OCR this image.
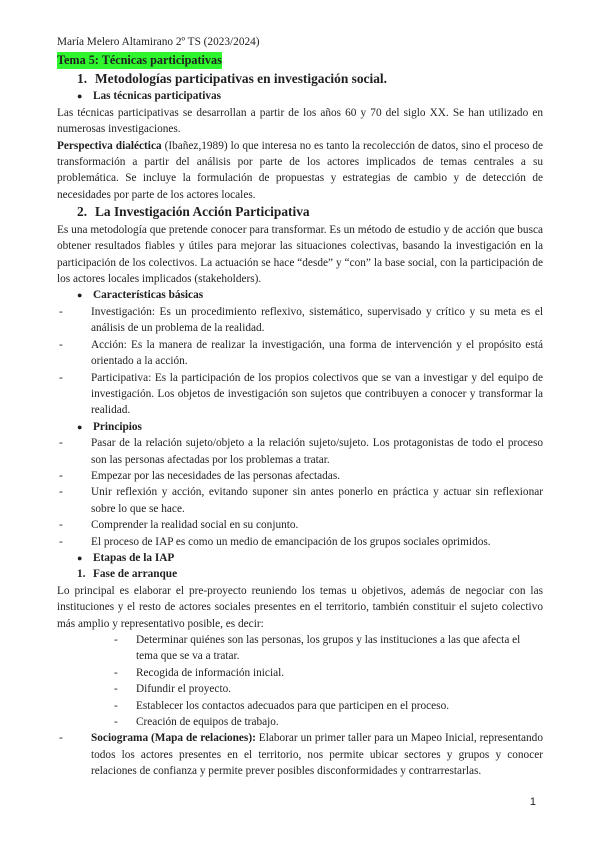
María Melero Altamirano 2º TS (2023/2024)
Tema 5: Técnicas participativas
1. Metodologías participativas en investigación social.
● Las técnicas participativas
Las técnicas participativas se desarrollan a partir de los años 60 y 70 del siglo XX. Se han utilizado en numerosas investigaciones.
Perspectiva dialéctica (Ibañez,1989) lo que interesa no es tanto la recolección de datos, sino el proceso de transformación a partir del análisis por parte de los actores implicados de temas centrales a su problemática. Se incluye la formulación de propuestas y estrategias de cambio y de detección de necesidades por parte de los actores locales.
2. La Investigación Acción Participativa
Es una metodología que pretende conocer para transformar. Es un método de estudio y de acción que busca obtener resultados fiables y útiles para mejorar las situaciones colectivas, basando la investigación en la participación de los colectivos. La actuación se hace “desde” y “con” la base social, con la participación de los actores locales implicados (stakeholders).
● Características básicas
-	Investigación: Es un procedimiento reflexivo, sistemático, supervisado y crítico y su meta es el análisis de un problema de la realidad.
-	Acción: Es la manera de realizar la investigación, una forma de intervención y el propósito está orientado a la acción.
-	Participativa: Es la participación de los propios colectivos que se van a investigar y del equipo de investigación. Los objetos de investigación son sujetos que contribuyen a conocer y transformar la realidad.
● Principios
-	Pasar de la relación sujeto/objeto a la relación sujeto/sujeto. Los protagonistas de todo el proceso son las personas afectadas por los problemas a tratar.
-	Empezar por las necesidades de las personas afectadas.
-	Unir reflexión y acción, evitando suponer sin antes ponerlo en práctica y actuar sin reflexionar sobre lo que se hace.
-	Comprender la realidad social en su conjunto.
-	El proceso de IAP es como un medio de emancipación de los grupos sociales oprimidos.
● Etapas de la IAP
1. Fase de arranque
Lo principal es elaborar el pre-proyecto reuniendo los temas u objetivos, además de negociar con las instituciones y el resto de actores sociales presentes en el territorio, también constituir el sujeto colectivo más amplio y representativo posible, es decir:
-	Determinar quiénes son las personas, los grupos y las instituciones a las que afecta el tema que se va a tratar.
-	Recogida de información inicial.
-	Difundir el proyecto.
-	Establecer los contactos adecuados para que participen en el proceso.
-	Creación de equipos de trabajo.
-	Sociograma (Mapa de relaciones): Elaborar un primer taller para un Mapeo Inicial, representando todos los actores presentes en el territorio, nos permite ubicar sectores y grupos y conocer relaciones de confianza y permite prever posibles disconformidades y contrarrestarlas.
1
